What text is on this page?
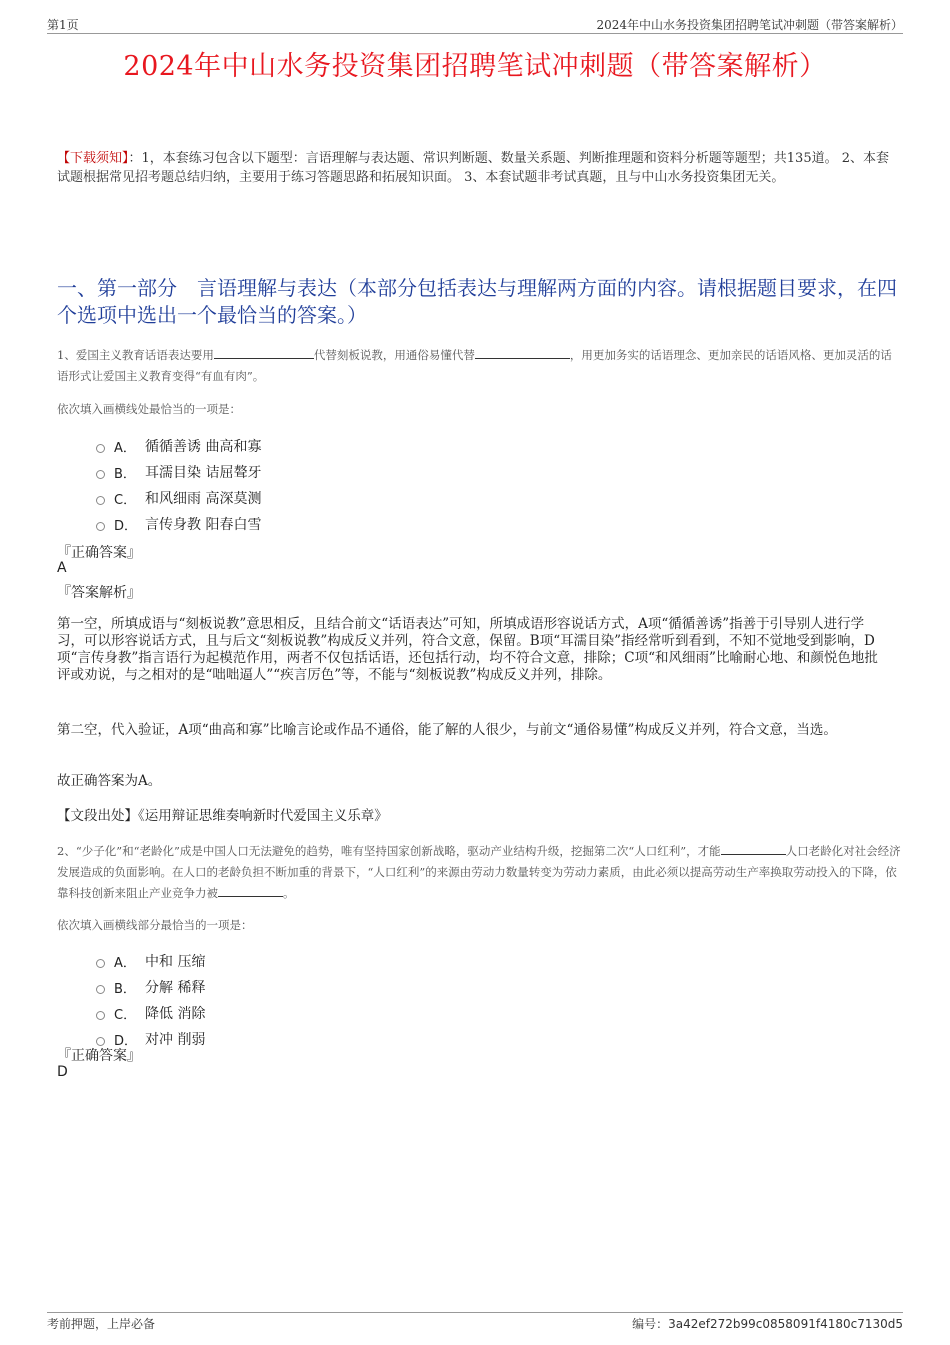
第1页	2024年中山水务投资集团招聘笔试冲刺题（带答案解析）
2024年中山水务投资集团招聘笔试冲刺题（带答案解析）
【下载须知】：1，本套练习包含以下题型：言语理解与表达题、常识判断题、数量关系题、判断推理题和资料分析题等题型；共135道。 2、本套试题根据常见招考题总结归纳，主要用于练习答题思路和拓展知识面。 3、本套试题非考试真题，且与中山水务投资集团无关。
一、第一部分　言语理解与表达（本部分包括表达与理解两方面的内容。请根据题目要求，在四个选项中选出一个最恰当的答案。）
1、爱国主义教育话语表达要用	代替刻板说教，用通俗易懂代替	，用更加务实的话语理念、更加亲民的话语风格、更加灵活的话语形式让爱国主义教育变得“有血有肉”。
依次填入画横线处最恰当的一项是：
A． 循循善诱 曲高和寡
B． 耳濡目染 诘屈聱牙
C． 和风细雨 高深莫测
D． 言传身教 阳春白雪
『正确答案』
A
『答案解析』
第一空，所填成语与“刻板说教”意思相反，且结合前文“话语表达”可知，所填成语形容说话方式，A项“循循善诱”指善于引导别人进行学习，可以形容说话方式，且与后文“刻板说教”构成反义并列，符合文意，保留。B项“耳濡目染”指经常听到看到，不知不觉地受到影响，D项“言传身教”指言语行为起模范作用，两者不仅包括话语，还包括行动，均不符合文意，排除；C项“和风细雨”比喻耐心地、和颜悦色地批评或劝说，与之相对的是“咄咄逼人”“疾言厉色”等，不能与“刻板说教”构成反义并列，排除。
第二空，代入验证，A项“曲高和寡”比喻言论或作品不通俗，能了解的人很少，与前文“通俗易懂”构成反义并列，符合文意，当选。
故正确答案为A。
【文段出处】《运用辩证思维奏响新时代爱国主义乐章》
2、“少子化”和“老龄化”成是中国人口无法避免的趋势，唯有坚持国家创新战略，驱动产业结构升级，挖掘第二次“人口红利”，才能	人口老龄化对社会经济发展造成的负面影响。在人口的老龄负担不断加重的背景下，“人口红利”的来源由劳动力数量转变为劳动力素质，由此必须以提高劳动生产率换取劳动投入的下降，依靠科技创新来阻止产业竞争力被	。
依次填入画横线部分最恰当的一项是：
A． 中和 压缩
B． 分解 稀释
C． 降低 消除
D． 对冲 削弱
『正确答案』
D
考前押题，上岸必备	编号：3a42ef272b99c0858091f4180c7130d5
